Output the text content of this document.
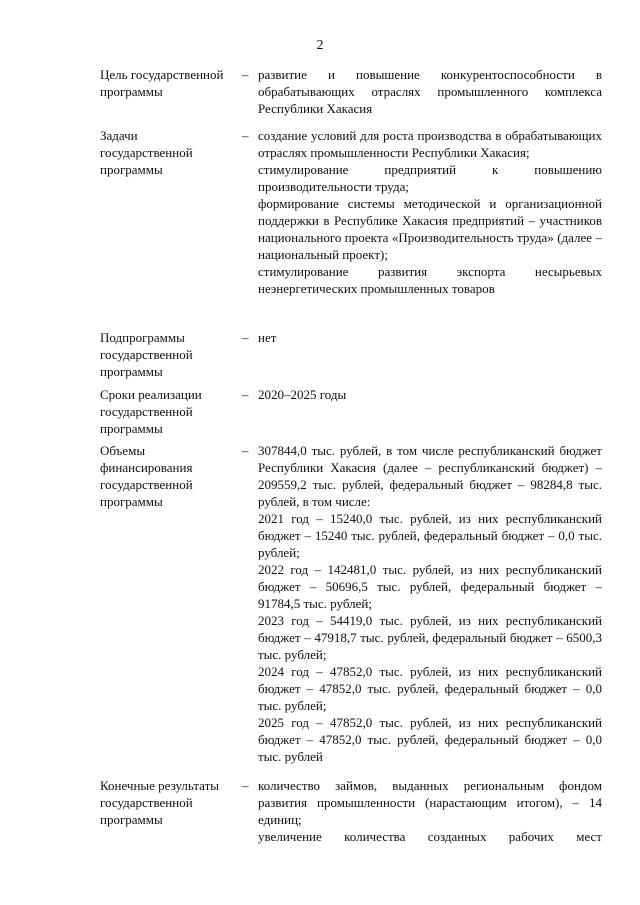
2
Цель государственной
программы
– развитие и повышение конкурентоспособности в обрабатывающих отраслях промышленного комплекса Республики Хакасия

Задачи
государственной
программы
– создание условий для роста производства в обрабатывающих отраслях промышленности Республики Хакасия;

стимулирование предприятий к повышению производительности труда;

формирование системы методической и организационной поддержки в Республике Хакасия предприятий – участников национального проекта «Производительность труда» (далее – национальный проект);

стимулирование развития экспорта несырьевых неэнергетических промышленных товаров

Подпрограммы
государственной
программы
– нет

Сроки реализации
государственной
программы
– 2020–2025 годы

Объемы
финансирования
государственной
программы
– 307844,0 тыс. рублей, в том числе республиканский бюджет Республики Хакасия (далее – республиканский бюджет) – 209559,2 тыс. рублей, федеральный бюджет – 98284,8 тыс. рублей, в том числе:

2021 год – 15240,0 тыс. рублей, из них республиканский бюджет – 15240 тыс. рублей, федеральный бюджет – 0,0 тыс. рублей;

2022 год – 142481,0 тыс. рублей, из них республиканский бюджет – 50696,5 тыс. рублей, федеральный бюджет – 91784,5 тыс. рублей;

2023 год – 54419,0 тыс. рублей, из них республиканский бюджет – 47918,7 тыс. рублей, федеральный бюджет – 6500,3 тыс. рублей;

2024 год – 47852,0 тыс. рублей, из них республиканский бюджет – 47852,0 тыс. рублей, федеральный бюджет – 0,0 тыс. рублей;

2025 год – 47852,0 тыс. рублей, из них республиканский бюджет – 47852,0 тыс. рублей, федеральный бюджет – 0,0 тыс. рублей

Конечные результаты
государственной
программы
– количество займов, выданных региональным фондом развития промышленности (нарастающим итогом), – 14 единиц;

увеличение количества созданных рабочих мест
